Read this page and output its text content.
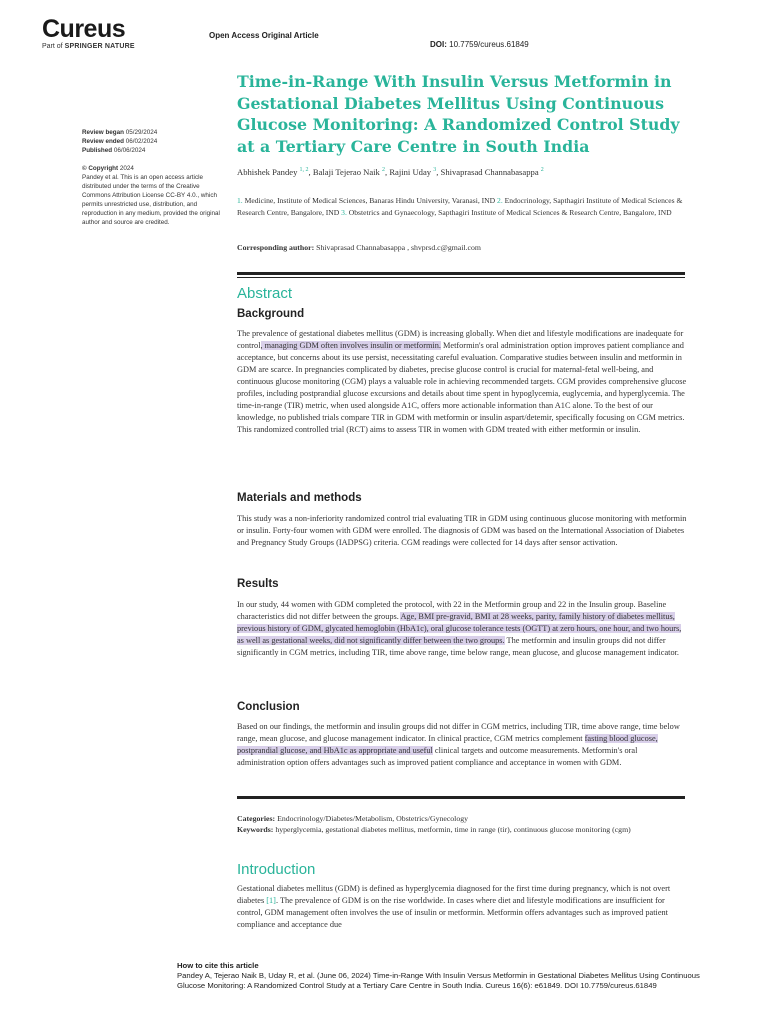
Cureus
Part of SPRINGER NATURE
Open Access Original Article
DOI: 10.7759/cureus.61849
Review began 05/29/2024
Review ended 06/02/2024
Published 06/06/2024
© Copyright 2024
Pandey et al. This is an open access article distributed under the terms of the Creative Commons Attribution License CC-BY 4.0., which permits unrestricted use, distribution, and reproduction in any medium, provided the original author and source are credited.
Time-in-Range With Insulin Versus Metformin in Gestational Diabetes Mellitus Using Continuous Glucose Monitoring: A Randomized Control Study at a Tertiary Care Centre in South India
Abhishek Pandey $^{1, 2}$, Balaji Tejerao Naik $^2$, Rajini Uday $^3$, Shivaprasad Channabasappa $^2$
1. Medicine, Institute of Medical Sciences, Banaras Hindu University, Varanasi, IND 2. Endocrinology, Sapthagiri Institute of Medical Sciences & Research Centre, Bangalore, IND 3. Obstetrics and Gynaecology, Sapthagiri Institute of Medical Sciences & Research Centre, Bangalore, IND
Corresponding author: Shivaprasad Channabasappa , shvprsd.c@gmail.com
Abstract
Background

The prevalence of gestational diabetes mellitus (GDM) is increasing globally. When diet and lifestyle modifications are inadequate for control, managing GDM often involves insulin or metformin. Metformin's oral administration option improves patient compliance and acceptance, but concerns about its use persist, necessitating careful evaluation. Comparative studies between insulin and metformin in GDM are scarce. In pregnancies complicated by diabetes, precise glucose control is crucial for maternal-fetal well-being, and continuous glucose monitoring (CGM) plays a valuable role in achieving recommended targets. CGM provides comprehensive glucose profiles, including postprandial glucose excursions and details about time spent in hypoglycemia, euglycemia, and hyperglycemia. The time-in-range (TIR) metric, when used alongside A1C, offers more actionable information than A1C alone. To the best of our knowledge, no published trials compare TIR in GDM with metformin or insulin aspart/detemir, specifically focusing on CGM metrics. This randomized controlled trial (RCT) aims to assess TIR in women with GDM treated with either metformin or insulin.

Materials and methods

This study was a non-inferiority randomized control trial evaluating TIR in GDM using continuous glucose monitoring with metformin or insulin. Forty-four women with GDM were enrolled. The diagnosis of GDM was based on the International Association of Diabetes and Pregnancy Study Groups (IADPSG) criteria. CGM readings were collected for 14 days after sensor activation.

Results

In our study, 44 women with GDM completed the protocol, with 22 in the Metformin group and 22 in the Insulin group. Baseline characteristics did not differ between the groups. Age, BMI pre-gravid, BMI at 28 weeks, parity, family history of diabetes mellitus, previous history of GDM, glycated hemoglobin (HbA1c), oral glucose tolerance tests (OGTT) at zero hours, one hour, and two hours, as well as gestational weeks, did not significantly differ between the two groups. The metformin and insulin groups did not differ significantly in CGM metrics, including TIR, time above range, time below range, mean glucose, and glucose management indicator.

Conclusion

Based on our findings, the metformin and insulin groups did not differ in CGM metrics, including TIR, time above range, time below range, mean glucose, and glucose management indicator. In clinical practice, CGM metrics complement fasting blood glucose, postprandial glucose, and HbA1c as appropriate and useful clinical targets and outcome measurements. Metformin's oral administration option offers advantages such as improved patient compliance and acceptance in women with GDM.

Categories: Endocrinology/Diabetes/Metabolism, Obstetrics/Gynecology
Keywords: hyperglycemia, gestational diabetes mellitus, metformin, time in range (tir), continuous glucose monitoring (cgm)
Introduction

Gestational diabetes mellitus (GDM) is defined as hyperglycemia diagnosed for the first time during pregnancy, which is not overt diabetes [1]. The prevalence of GDM is on the rise worldwide. In cases where diet and lifestyle modifications are insufficient for control, GDM management often involves the use of insulin or metformin. Metformin offers advantages such as improved patient compliance and acceptance due

How to cite this article
Pandey A, Tejerao Naik B, Uday R, et al. (June 06, 2024) Time-in-Range With Insulin Versus Metformin in Gestational Diabetes Mellitus Using Continuous Glucose Monitoring: A Randomized Control Study at a Tertiary Care Centre in South India. Cureus 16(6): e61849. DOI 10.7759/cureus.61849
